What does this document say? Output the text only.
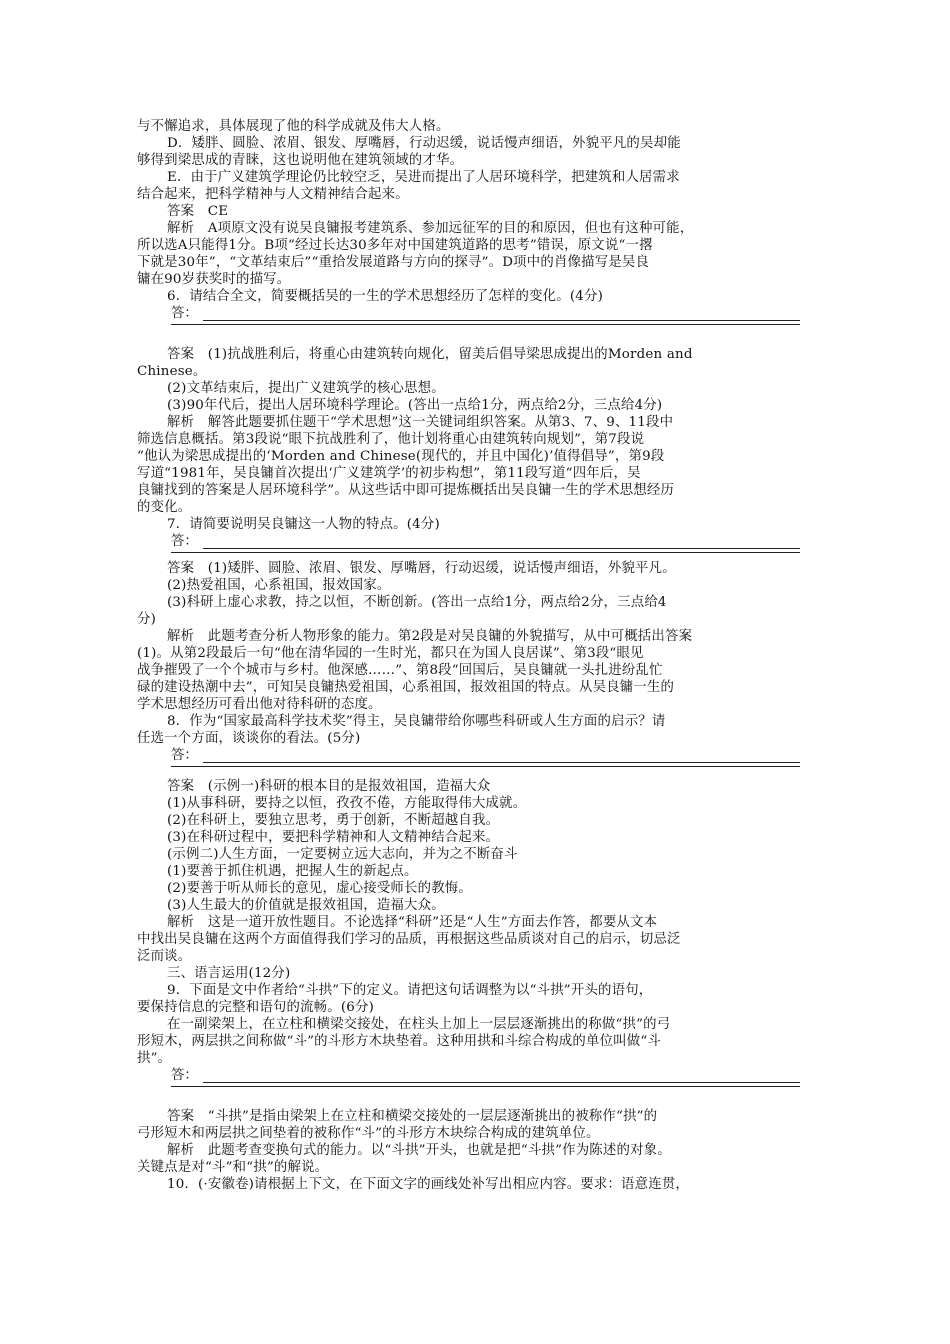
与不懈追求，具体展现了他的科学成就及伟大人格。
D．矮胖、圆脸、浓眉、银发、厚嘴唇，行动迟缓，说话慢声细语，外貌平凡的吴却能
够得到梁思成的青睐，这也说明他在建筑领域的才华。
E．由于广义建筑学理论仍比较空乏，吴进而提出了人居环境科学，把建筑和人居需求
结合起来，把科学精神与人文精神结合起来。
答案　CE
解析　A项原文没有说吴良镛报考建筑系、参加远征军的目的和原因，但也有这种可能，
所以选A只能得1分。B项“经过长达30多年对中国建筑道路的思考”错误，原文说“一撂
下就是30年”，“文革结束后”“重拾发展道路与方向的探寻”。D项中的肖像描写是吴良
镛在90岁获奖时的描写。
6．请结合全文，简要概括吴的一生的学术思想经历了怎样的变化。(4分)
答：
答案　(1)抗战胜利后，将重心由建筑转向规化，留美后倡导梁思成提出的Morden and
Chinese。
(2)文革结束后，提出广义建筑学的核心思想。
(3)90年代后，提出人居环境科学理论。(答出一点给1分，两点给2分，三点给4分)
解析　解答此题要抓住题干“学术思想”这一关键词组织答案。从第3、7、9、11段中
筛选信息概括。第3段说“眼下抗战胜利了，他计划将重心由建筑转向规划”，第7段说
“他认为梁思成提出的‘Morden and Chinese(现代的，并且中国化)’值得倡导”，第9段
写道“1981年，吴良镛首次提出‘广义建筑学’的初步构想”，第11段写道“四年后，吴
良镛找到的答案是人居环境科学”。从这些话中即可提炼概括出吴良镛一生的学术思想经历
的变化。
7．请简要说明吴良镛这一人物的特点。(4分)
答：
答案　(1)矮胖、圆脸、浓眉、银发、厚嘴唇，行动迟缓，说话慢声细语，外貌平凡。
(2)热爱祖国，心系祖国，报效国家。
(3)科研上虚心求教，持之以恒，不断创新。(答出一点给1分，两点给2分，三点给4
分)
解析　此题考查分析人物形象的能力。第2段是对吴良镛的外貌描写，从中可概括出答案
(1)。从第2段最后一句“他在清华园的一生时光，都只在为国人良居谋”、第3段“眼见
战争摧毁了一个个城市与乡村。他深感……”、第8段“回国后，吴良镛就一头扎进纷乱忙
碌的建设热潮中去”，可知吴良镛热爱祖国，心系祖国，报效祖国的特点。从吴良镛一生的
学术思想经历可看出他对待科研的态度。
8．作为“国家最高科学技术奖”得主，吴良镛带给你哪些科研或人生方面的启示？请
任选一个方面，谈谈你的看法。(5分)
答：
答案　(示例一)科研的根本目的是报效祖国，造福大众
(1)从事科研，要持之以恒，孜孜不倦，方能取得伟大成就。
(2)在科研上，要独立思考，勇于创新，不断超越自我。
(3)在科研过程中，要把科学精神和人文精神结合起来。
(示例二)人生方面，一定要树立远大志向，并为之不断奋斗
(1)要善于抓住机遇，把握人生的新起点。
(2)要善于听从师长的意见，虚心接受师长的教悔。
(3)人生最大的价值就是报效祖国，造福大众。
解析　这是一道开放性题目。不论选择“科研”还是“人生”方面去作答，都要从文本
中找出吴良镛在这两个方面值得我们学习的品质，再根据这些品质谈对自己的启示，切忌泛
泛而谈。
三、语言运用(12分)
9．下面是文中作者给“斗拱”下的定义。请把这句话调整为以“斗拱”开头的语句，
要保持信息的完整和语句的流畅。(6分)
在一副梁架上，在立柱和横梁交接处，在柱头上加上一层层逐渐挑出的称做“拱”的弓
形短木，两层拱之间称做“斗”的斗形方木块垫着。这种用拱和斗综合构成的单位叫做“斗
拱”。
答：
答案　“斗拱”是指由梁架上在立柱和横梁交接处的一层层逐渐挑出的被称作“拱”的
弓形短木和两层拱之间垫着的被称作“斗”的斗形方木块综合构成的建筑单位。
解析　此题考查变换句式的能力。以“斗拱”开头，也就是把“斗拱”作为陈述的对象。
关键点是对“斗”和“拱”的解说。
10．(·安徽卷)请根据上下文，在下面文字的画线处补写出相应内容。要求：语意连贯，
